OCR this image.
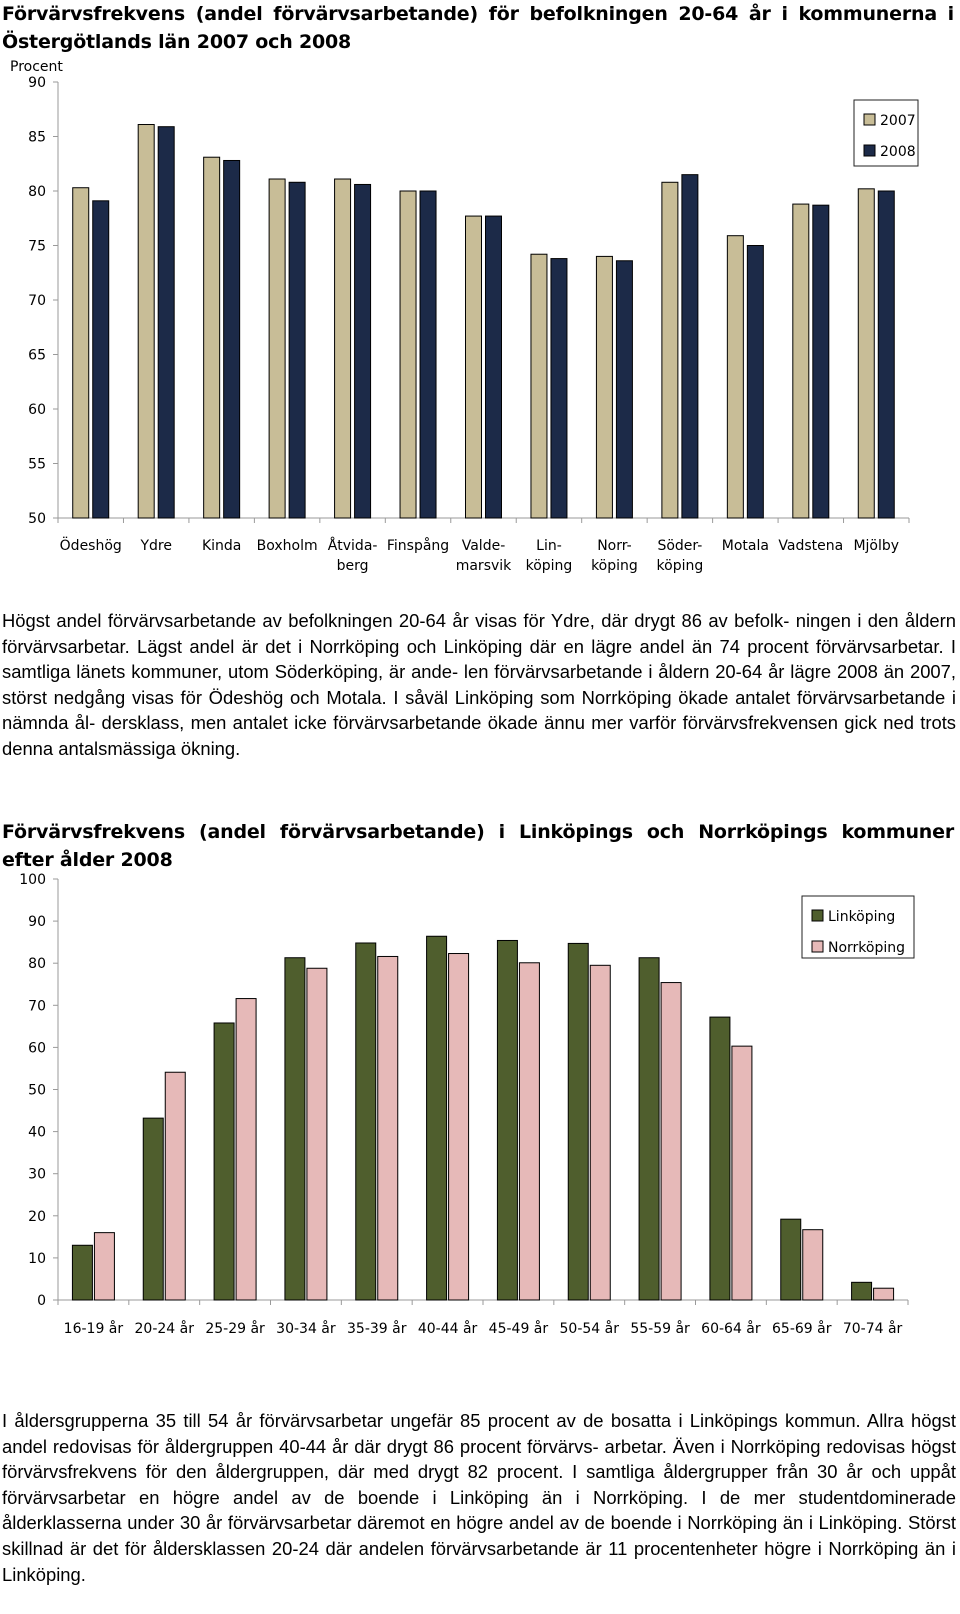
Förvärvsfrekvens (andel förvärvsarbetande) för befolkningen 20-64 år i kommunerna i Östergötlands län 2007 och 2008
Procent
90
85
80
75
70
65
60
55
50
Ödeshög Ydre Kinda Boxholm Åtvida-
berg
Finspång Valde-
marsvik
Lin-
köping
Norr-
köping
Söder-
köping
Motala Vadstena Mjölby
2007
2008

Högst andel förvärvsarbetande av befolkningen 20-64 år visas för Ydre, där drygt 86 av befolk- ningen i den åldern förvärvsarbetar. Lägst andel är det i Norrköping och Linköping där en lägre andel än 74 procent förvärvsarbetar. I samtliga länets kommuner, utom Söderköping, är ande- len förvärvsarbetande i åldern 20-64 år lägre 2008 än 2007, störst nedgång visas för Ödeshög och Motala. I såväl Linköping som Norrköping ökade antalet förvärvsarbetande i nämnda ål- dersklass, men antalet icke förvärvsarbetande ökade ännu mer varför förvärvsfrekvensen gick ned trots denna antalsmässiga ökning.

Förvärvsfrekvens (andel förvärvsarbetande) i Linköpings och Norrköpings kommuner efter ålder 2008
100
90
80
70
60
50
40
30
20
10
0
16-19 år 20-24 år 25-29 år 30-34 år 35-39 år 40-44 år 45-49 år 50-54 år 55-59 år 60-64 år 65-69 år 70-74 år
Linköping
Norrköping

I åldersgrupperna 35 till 54 år förvärvsarbetar ungefär 85 procent av de bosatta i Linköpings kommun. Allra högst andel redovisas för åldergruppen 40-44 år där drygt 86 procent förvärvs- arbetar. Även i Norrköping redovisas högst förvärvsfrekvens för den åldergruppen, där med drygt 82 procent. I samtliga åldergrupper från 30 år och uppåt förvärvsarbetar en högre andel av de boende i Linköping än i Norrköping. I de mer studentdominerade ålderklasserna under 30 år förvärvsarbetar däremot en högre andel av de boende i Norrköping än i Linköping. Störst skillnad är det för åldersklassen 20-24 där andelen förvärvsarbetande är 11 procentenheter högre i Norrköping än i Linköping.
